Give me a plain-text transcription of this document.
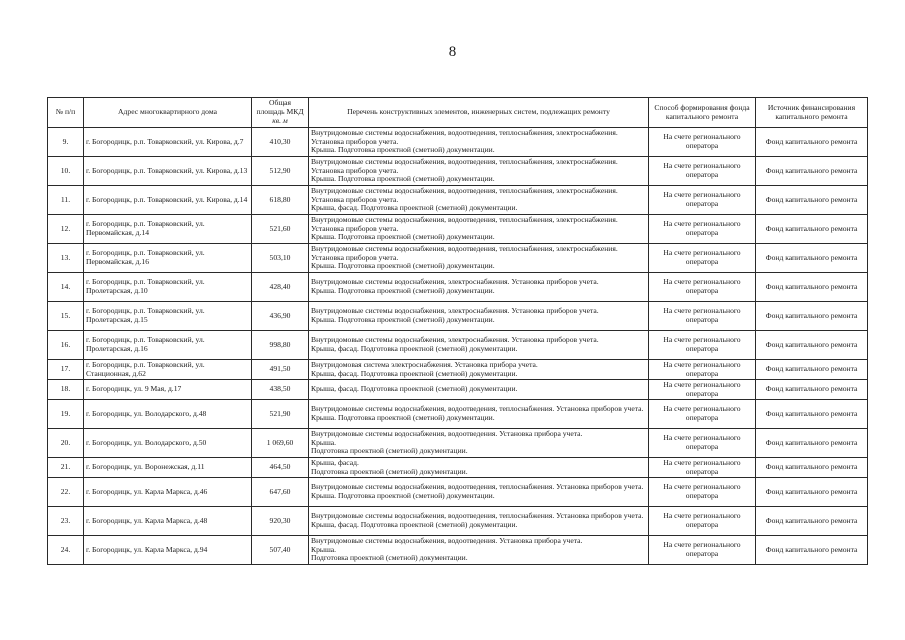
8
№ п/п	Адрес многоквартирного дома	Общая площадь МКД
кв. м	Перечень конструктивных элементов, инженерных систем, подлежащих ремонту	Способ формирования фонда капитального ремонта	Источник финансирования капитального ремонта
9.	г. Богородицк, р.п. Товарковский, ул. Кирова, д.7	410,30	Внутридомовые системы водоснабжения, водоотведения, теплоснабжения, электроснабжения. Установка приборов учета.
Крыша. Подготовка проектной (сметной) документации.	На счете регионального оператора	Фонд капитального ремонта
10.	г. Богородицк, р.п. Товарковский, ул. Кирова, д.13	512,90	Внутридомовые системы водоснабжения, водоотведения, теплоснабжения, электроснабжения. Установка приборов учета.
Крыша. Подготовка проектной (сметной) документации.	На счете регионального оператора	Фонд капитального ремонта
11.	г. Богородицк, р.п. Товарковский, ул. Кирова, д.14	618,80	Внутридомовые системы водоснабжения, водоотведения, теплоснабжения, электроснабжения. Установка приборов учета.
Крыша, фасад. Подготовка проектной (сметной) документации.	На счете регионального оператора	Фонд капитального ремонта
12.	г. Богородицк, р.п. Товарковский, ул. Первомайская, д.14	521,60	Внутридомовые системы водоснабжения, водоотведения, теплоснабжения, электроснабжения. Установка приборов учета.
Крыша. Подготовка проектной (сметной) документации.	На счете регионального оператора	Фонд капитального ремонта
13.	г. Богородицк, р.п. Товарковский, ул. Первомайская, д.16	503,10	Внутридомовые системы водоснабжения, водоотведения, теплоснабжения, электроснабжения. Установка приборов учета.
Крыша. Подготовка проектной (сметной) документации.	На счете регионального оператора	Фонд капитального ремонта
14.	г. Богородицк, р.п. Товарковский, ул. Пролетарская, д.10	428,40	Внутридомовые системы водоснабжения, электроснабжения. Установка приборов учета.
Крыша. Подготовка проектной (сметной) документации.	На счете регионального оператора	Фонд капитального ремонта
15.	г. Богородицк, р.п. Товарковский, ул. Пролетарская, д.15	436,90	Внутридомовые системы водоснабжения, электроснабжения. Установка приборов учета.
Крыша. Подготовка проектной (сметной) документации.	На счете регионального оператора	Фонд капитального ремонта
16.	г. Богородицк, р.п. Товарковский, ул. Пролетарская, д.16	998,80	Внутридомовые системы водоснабжения, электроснабжения. Установка приборов учета.
Крыша, фасад. Подготовка проектной (сметной) документации.	На счете регионального оператора	Фонд капитального ремонта
17.	г. Богородицк, р.п. Товарковский, ул. Станционная, д.62	491,50	Внутридомовая система электроснабжения. Установка прибора учета.
Крыша, фасад. Подготовка проектной (сметной) документации.	На счете регионального оператора	Фонд капитального ремонта
18.	г. Богородицк, ул. 9 Мая, д.17	438,50	Крыша, фасад. Подготовка проектной (сметной) документации.	На счете регионального оператора	Фонд капитального ремонта
19.	г. Богородицк, ул. Володарского, д.48	521,90	Внутридомовые системы водоснабжения, водоотведения, теплоснабжения. Установка приборов учета.
Крыша. Подготовка проектной (сметной) документации.	На счете регионального оператора	Фонд капитального ремонта
20.	г. Богородицк, ул. Володарского, д.50	1 069,60	Внутридомовые системы водоснабжения, водоотведения. Установка прибора учета.
Крыша.
Подготовка проектной (сметной) документации.	На счете регионального оператора	Фонд капитального ремонта
21.	г. Богородицк, ул. Воронежская, д.11	464,50	Крыша, фасад.
Подготовка проектной (сметной) документации.	На счете регионального оператора	Фонд капитального ремонта
22.	г. Богородицк, ул. Карла Маркса, д.46	647,60	Внутридомовые системы водоснабжения, водоотведения, теплоснабжения. Установка приборов учета.
Крыша. Подготовка проектной (сметной) документации.	На счете регионального оператора	Фонд капитального ремонта
23.	г. Богородицк, ул. Карла Маркса, д.48	920,30	Внутридомовые системы водоснабжения, водоотведения, теплоснабжения. Установка приборов учета.
Крыша, фасад. Подготовка проектной (сметной) документации.	На счете регионального оператора	Фонд капитального ремонта
24.	г. Богородицк, ул. Карла Маркса, д.94	507,40	Внутридомовые системы водоснабжения, водоотведения. Установка прибора учета.
Крыша.
Подготовка проектной (сметной) документации.	На счете регионального оператора	Фонд капитального ремонта
